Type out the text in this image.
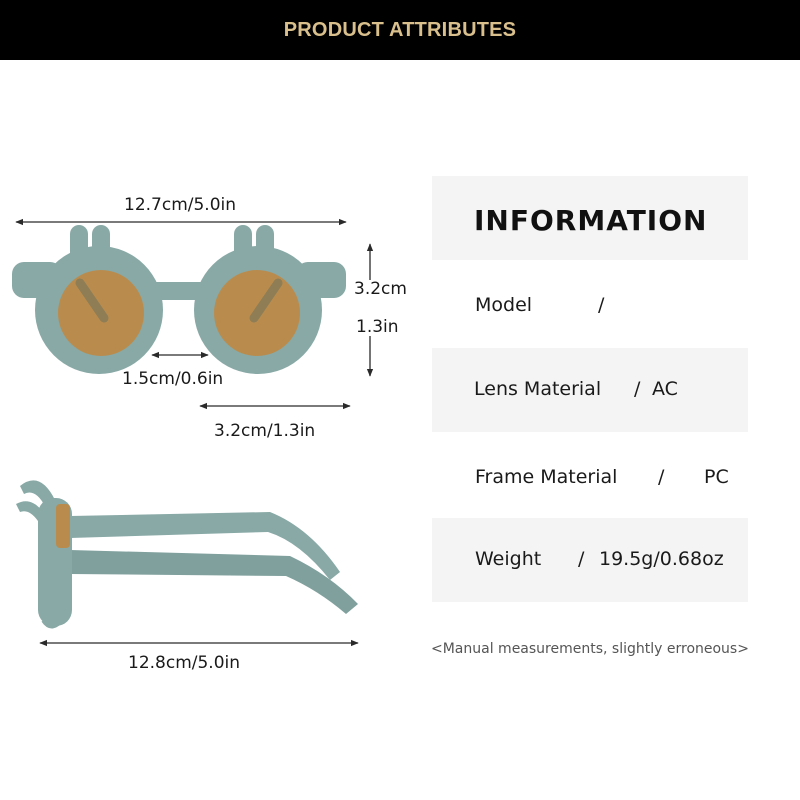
PRODUCT ATTRIBUTES
12.7cm/5.0in
3.2cm
1.3in
1.5cm/0.6in
3.2cm/1.3in
12.8cm/5.0in
INFORMATION
Model	/
Lens Material / AC
Frame Material / PC
Weight / 19.5g/0.68oz
<Manual measurements, slightly erroneous>
